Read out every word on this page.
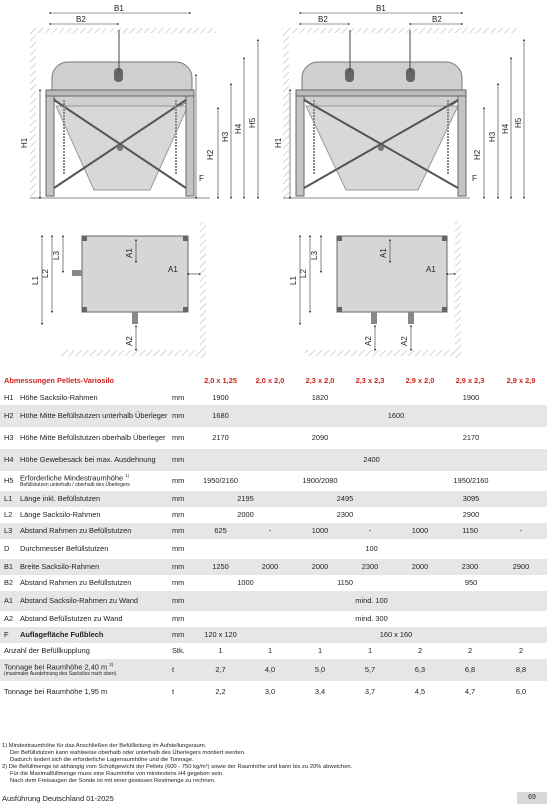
B1
B2
H1
H2
H3
H4
H5
F
B1
B2	B2
H1
H2
H3
H4
H5
F
A1
A1
A2
L1
L2
L3	A1
A1
A2	A2
L1
L2
L3
Abmessungen Pellets-Variosilo			2,0 x 1,25	2,0 x 2,0	2,3 x 2,0	2,3 x 2,3	2,9 x 2,0	2,9 x 2,3	2,9 x 2,9
H1	Höhe Sacksilo-Rahmen	mm	1900	1820			1900		
H2	Höhe Mitte Befüllstutzen unterhalb Überleger	mm	1680	1600					
H3	Höhe Mitte Befüllstutzen oberhalb Überleger	mm	2170	2090			2170		
H4	Höhe Gewebesack bei max. Ausdehnung	mm	2400						
H5	Erforderliche Mindestraumhöhe $^{1)}$
Befüllstutzen unterhalb / oberhalb des Überlegers	mm	1950/2160	1900/2080			1950/2160		
L1	Länge inkl. Befüllstutzen	mm	2195		2495		3095		
L2	Länge Sacksilo-Rahmen	mm	2000		2300		2900		
L3	Abstand Rahmen zu Befüllstutzen	mm	625	-	1000	-	1000	1150	-
D	Durchmesser Befüllstutzen	mm	100						
B1	Breite Sacksilo-Rahmen	mm	1250	2000	2000	2300	2000	2300	2900
B2	Abstand Rahmen zu Befüllstutzen	mm	1000		1150		950		
A1	Abstand Sacksilo-Rahmen zu Wand	mm	mind. 100						
A2	Abstand Befüllstutzen zu Wand	mm	mind. 300						
F	Auflagefläche Fußblech	mm	120 x 120	160 x 160					
Anzahl der Befüllkupplung		Stk.	1	1	1	1	2	2	2
Tonnage bei Raumhöhe 2,40 m $^{2)}$
(maximaler Ausdehnung des Sacksilos nach oben)		t	2,7	4,0	5,0	5,7	6,3	6,8	8,8
Tonnage bei Raumhöhe 1,95 m		t	2,2	3,0	3,4	3,7	4,5	4,7	6,0
1) Mindestraumhöhe für das Anschließen der Befüllleitung im Aufstellungsraum.
Der Befüllstutzen kann wahlweise oberhalb oder unterhalb des Überlegers montiert werden.
Dadurch ändert sich die erforderliche Lagerraumhöhe und die Tonnage.
2) Die Befüllmenge ist abhängig vom Schüttgewicht der Pellets (600 - 750 kg/m³) sowie der Raumhöhe und kann bis zu 20% abweichen.
Für die Maximalfüllmenge muss eine Raumhöhe von mindestens H4 gegeben sein.
Nach dem Freisaugen der Sonde ist mit einer gewissen Restmenge zu rechnen.
Ausführung Deutschland 01-2025	69
